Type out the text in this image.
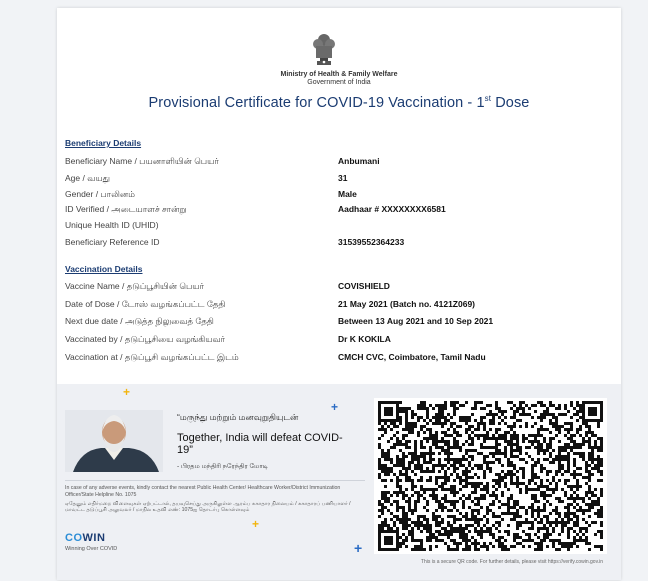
Ministry of Health & Family Welfare
Government of India
Provisional Certificate for COVID-19 Vaccination - 1st Dose
Beneficiary Details
Beneficiary Name / பயனாளியின் பெயர்	Anbumani
Age / வயது	31
Gender / பாலினம்	Male
ID Verified / அடையாளச் சான்று	Aadhaar # XXXXXXXX6581
Unique Health ID (UHID)
Beneficiary Reference ID	31539552364233
Vaccination Details
Vaccine Name / தடுப்பூசியின் பெயர்	COVISHIELD
Date of Dose / டோஸ் வழங்கப்பட்ட தேதி	21 May 2021 (Batch no. 4121Z069)
Next due date / அடுத்த நிலுவைத் தேதி	Between 13 Aug 2021 and 10 Sep 2021
Vaccinated by / தடுப்பூசியை வழங்கியவர்	Dr K KOKILA
Vaccination at / தடுப்பூசி வழங்கப்பட்ட இடம்	CMCH CVC, Coimbatore, Tamil Nadu
+
+
+
+
“மருந்து மற்றும் மனவுறுதியுடன்
Together, India will defeat COVID-19”
- பிரதம மந்திரி நரேந்திர மோடி
In case of any adverse events, kindly contact the nearest Public Health Center/ Healthcare Worker/District Immunization Officer/State Helpline No. 1075
ஏதேனும் எதிர்மறை விளைவுகள் ஏற்பட்டால், தயவுசெய்து அருகிலுள்ள ஆரம்ப சுகாதார நிலையம் / சுகாதாரப் பணியாளர் / மாவட்ட தடுப்பூசி அலுவலர் / மாநில உதவி எண்: 1075ஐ தொடர்பு கொள்ளவும்
COWIN
Winning Over COVID
This is a secure QR code. For further details, please visit https://verify.cowin.gov.in
